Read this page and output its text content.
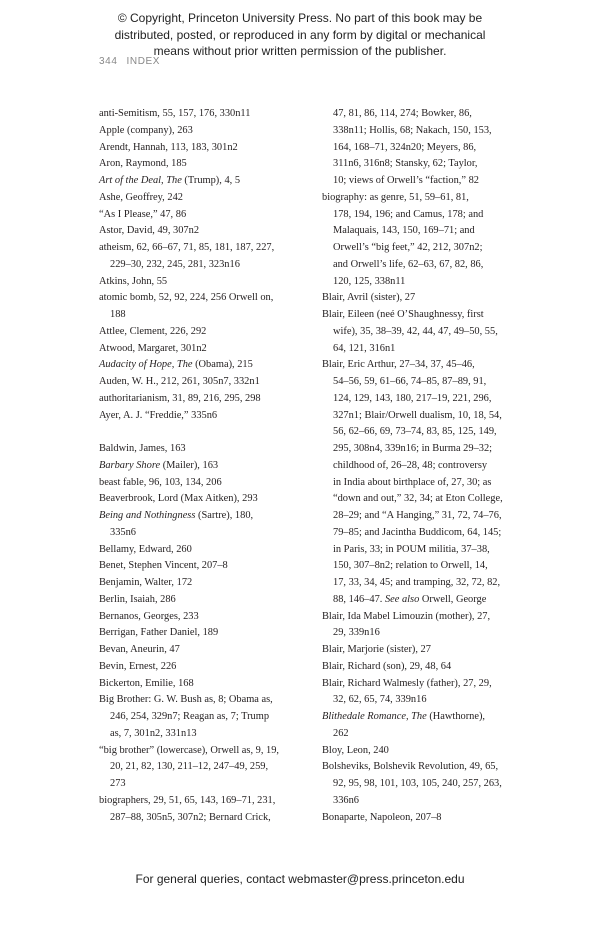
© Copyright, Princeton University Press. No part of this book may be
distributed, posted, or reproduced in any form by digital or mechanical
means without prior written permission of the publisher.
344 INDEX
anti-Semitism, 55, 157, 176, 330n11
Apple (company), 263
Arendt, Hannah, 113, 183, 301n2
Aron, Raymond, 185
Art of the Deal, The (Trump), 4, 5
Ashe, Geoffrey, 242
“As I Please,” 47, 86
Astor, David, 49, 307n2
atheism, 62, 66–67, 71, 85, 181, 187, 227,
229–30, 232, 245, 281, 323n16
Atkins, John, 55
atomic bomb, 52, 92, 224, 256 Orwell on,
188
Attlee, Clement, 226, 292
Atwood, Margaret, 301n2
Audacity of Hope, The (Obama), 215
Auden, W. H., 212, 261, 305n7, 332n1
authoritarianism, 31, 89, 216, 295, 298
Ayer, A. J. “Freddie,” 335n6
Baldwin, James, 163
Barbary Shore (Mailer), 163
beast fable, 96, 103, 134, 206
Beaverbrook, Lord (Max Aitken), 293
Being and Nothingness (Sartre), 180,
335n6
Bellamy, Edward, 260
Benet, Stephen Vincent, 207–8
Benjamin, Walter, 172
Berlin, Isaiah, 286
Bernanos, Georges, 233
Berrigan, Father Daniel, 189
Bevan, Aneurin, 47
Bevin, Ernest, 226
Bickerton, Emilie, 168
Big Brother: G. W. Bush as, 8; Obama as,
246, 254, 329n7; Reagan as, 7; Trump
as, 7, 301n2, 331n13
“big brother” (lowercase), Orwell as, 9, 19,
20, 21, 82, 130, 211–12, 247–49, 259,
273
biographers, 29, 51, 65, 143, 169–71, 231,
287–88, 305n5, 307n2; Bernard Crick,
47, 81, 86, 114, 274; Bowker, 86,
338n11; Hollis, 68; Nakach, 150, 153,
164, 168–71, 324n20; Meyers, 86,
311n6, 316n8; Stansky, 62; Taylor,
10; views of Orwell’s “faction,” 82
biography: as genre, 51, 59–61, 81,
178, 194, 196; and Camus, 178; and
Malaquais, 143, 150, 169–71; and
Orwell’s “big feet,” 42, 212, 307n2;
and Orwell’s life, 62–63, 67, 82, 86,
120, 125, 338n11
Blair, Avril (sister), 27
Blair, Eileen (neé O’Shaughnessy, first
wife), 35, 38–39, 42, 44, 47, 49–50, 55,
64, 121, 316n1
Blair, Eric Arthur, 27–34, 37, 45–46,
54–56, 59, 61–66, 74–85, 87–89, 91,
124, 129, 143, 180, 217–19, 221, 296,
327n1; Blair/Orwell dualism, 10, 18, 54,
56, 62–66, 69, 73–74, 83, 85, 125, 149,
295, 308n4, 339n16; in Burma 29–32;
childhood of, 26–28, 48; controversy
in India about birthplace of, 27, 30; as
“down and out,” 32, 34; at Eton College,
28–29; and “A Hanging,” 31, 72, 74–76,
79–85; and Jacintha Buddicom, 64, 145;
in Paris, 33; in POUM militia, 37–38,
150, 307–8n2; relation to Orwell, 14,
17, 33, 34, 45; and tramping, 32, 72, 82,
88, 146–47. See also Orwell, George
Blair, Ida Mabel Limouzin (mother), 27,
29, 339n16
Blair, Marjorie (sister), 27
Blair, Richard (son), 29, 48, 64
Blair, Richard Walmesly (father), 27, 29,
32, 62, 65, 74, 339n16
Blithedale Romance, The (Hawthorne),
262
Bloy, Leon, 240
Bolsheviks, Bolshevik Revolution, 49, 65,
92, 95, 98, 101, 103, 105, 240, 257, 263,
336n6
Bonaparte, Napoleon, 207–8
For general queries, contact webmaster@press.princeton.edu
